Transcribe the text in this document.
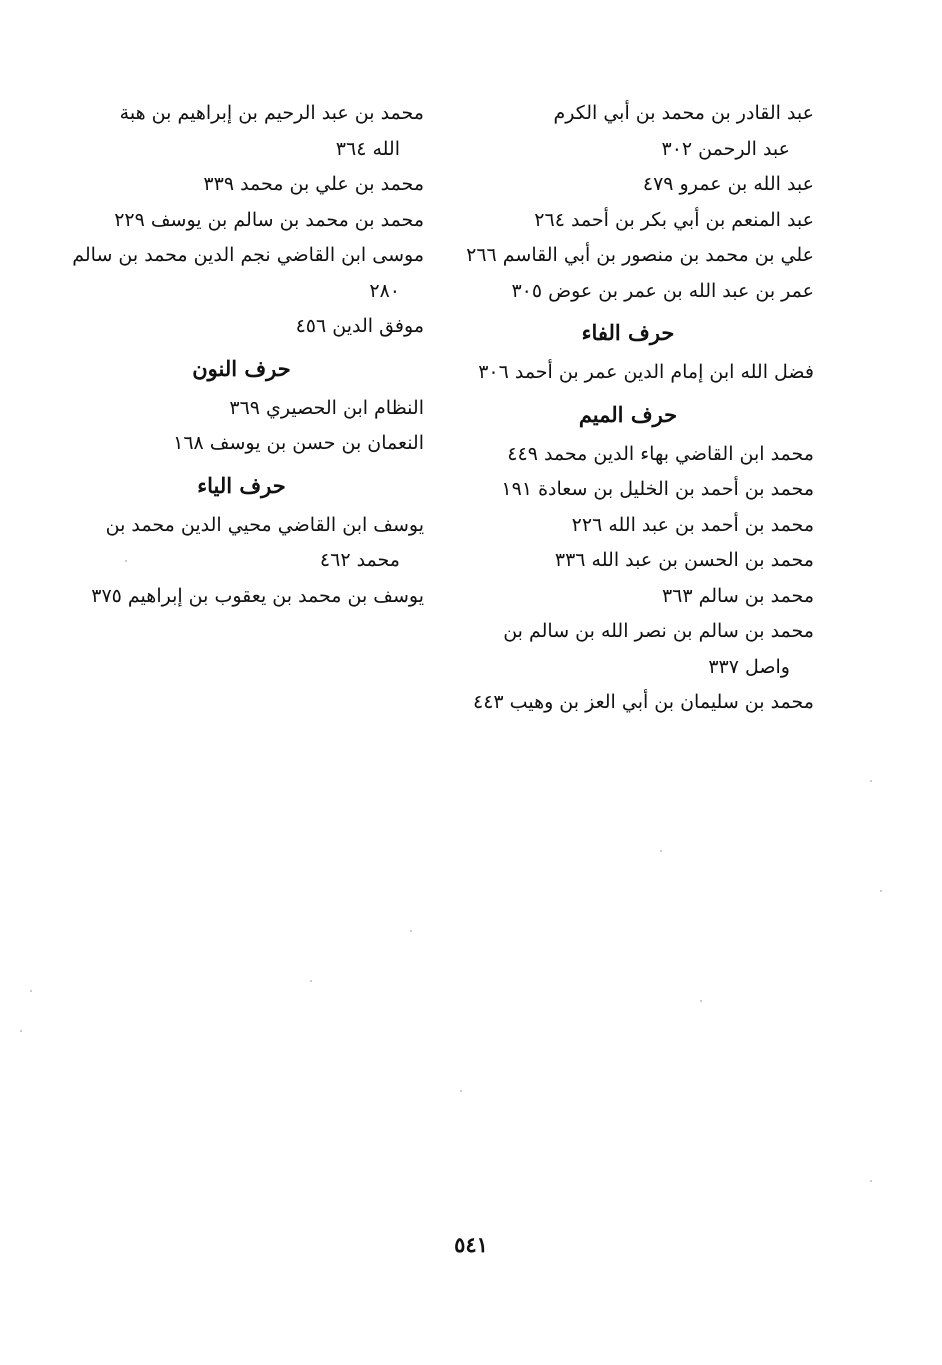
عبد القادر بن محمد بن أبي الكرم
عبد الرحمن ٣٠٢

عبد الله بن عمرو ٤٧٩

عبد المنعم بن أبي بكر بن أحمد ٢٦٤

علي بن محمد بن منصور بن أبي القاسم ٢٦٦

عمر بن عبد الله بن عمر بن عوض ٣٠٥

حرف الفاء

فضل الله ابن إمام الدين عمر بن أحمد ٣٠٦

حرف الميم

محمد ابن القاضي بهاء الدين محمد ٤٤٩

محمد بن أحمد بن الخليل بن سعادة ١٩١

محمد بن أحمد بن عبد الله ٢٢٦

محمد بن الحسن بن عبد الله ٣٣٦

محمد بن سالم ٣٦٣

محمد بن سالم بن نصر الله بن سالم بن
واصل ٣٣٧

محمد بن سليمان بن أبي العز بن وهيب ٤٤٣

محمد بن عبد الرحيم بن إبراهيم بن هبة
الله ٣٦٤

محمد بن علي بن محمد ٣٣٩

محمد بن محمد بن سالم بن يوسف ٢٢٩

موسى ابن القاضي نجم الدين محمد بن سالم
٢٨٠

موفق الدين ٤٥٦

حرف النون

النظام ابن الحصيري ٣٦٩

النعمان بن حسن بن يوسف ١٦٨

حرف الياء

يوسف ابن القاضي محيي الدين محمد بن
محمد ٤٦٢

يوسف بن محمد بن يعقوب بن إبراهيم ٣٧٥

٥٤١
